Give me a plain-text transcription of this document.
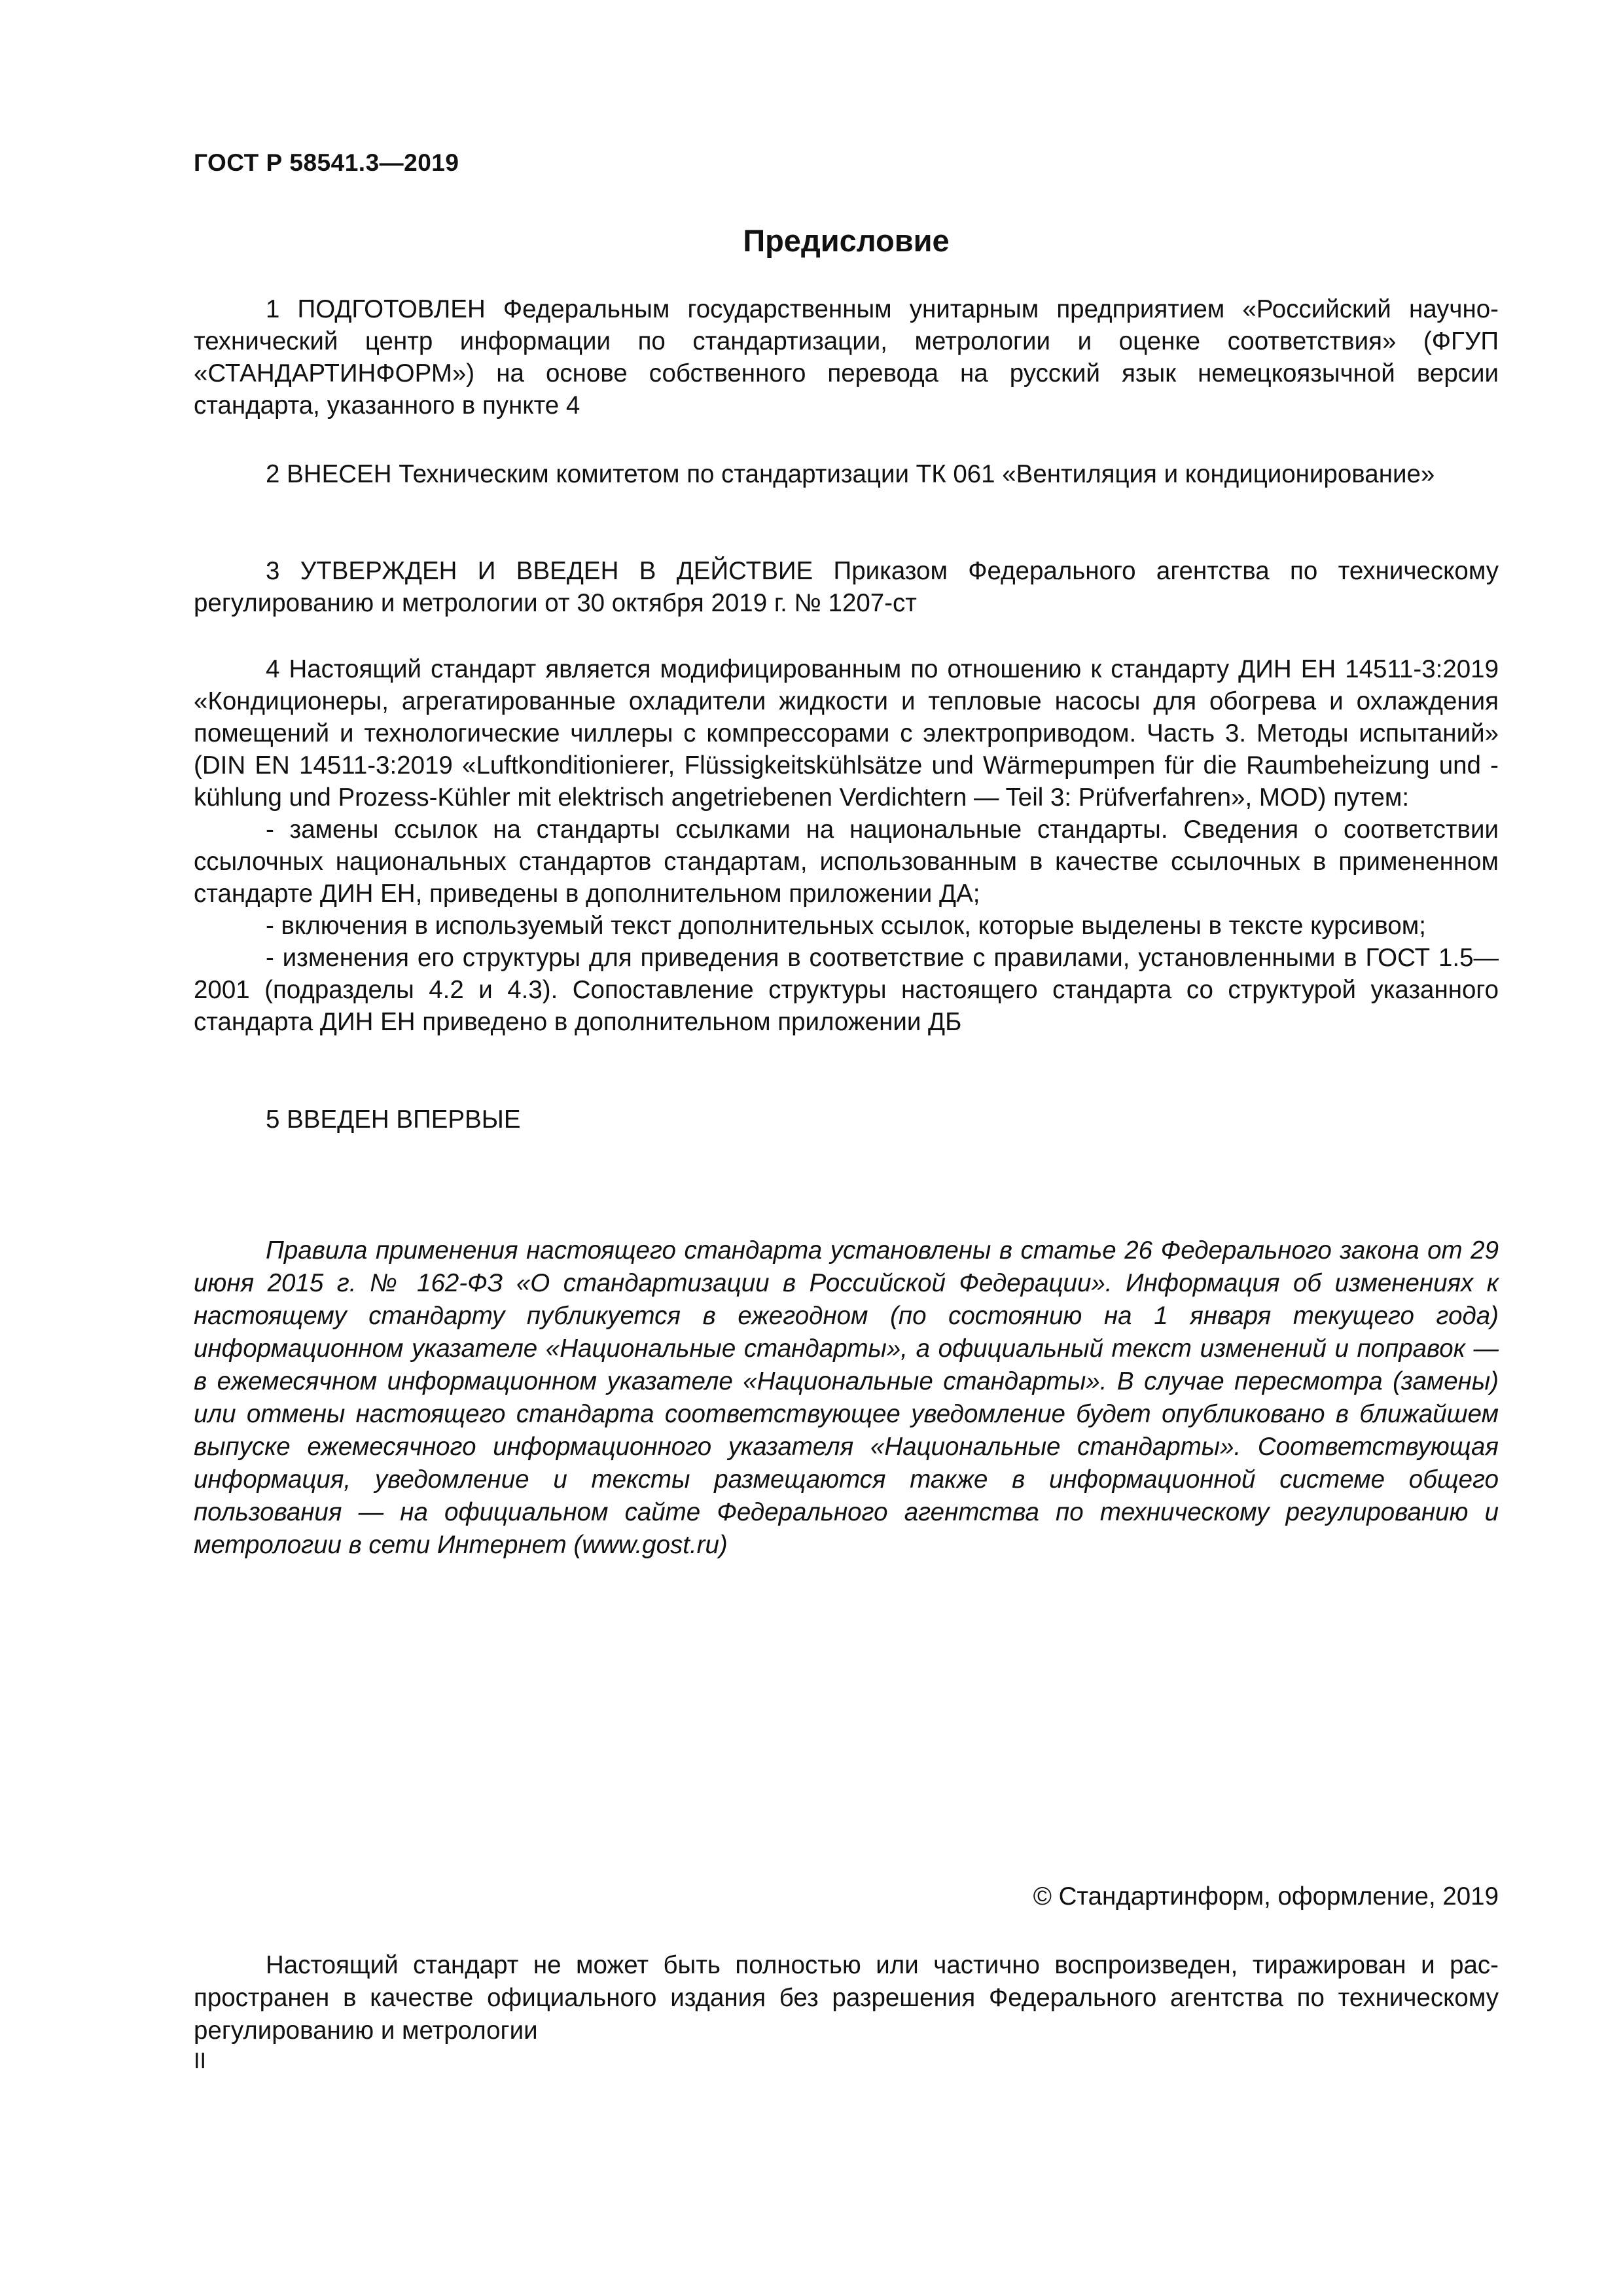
ГОСТ Р 58541.3—2019
Предисловие

1 ПОДГОТОВЛЕН Федеральным государственным унитарным предприятием «Российский научно-технический центр информации по стандартизации, метрологии и оценке соответствия» (ФГУП «СТАНДАРТИНФОРМ») на основе собственного перевода на русский язык немецкоязычной версии стандарта, указанного в пункте 4

2 ВНЕСЕН Техническим комитетом по стандартизации ТК 061 «Вентиляция и кондиционирование»

3 УТВЕРЖДЕН И ВВЕДЕН В ДЕЙСТВИЕ Приказом Федерального агентства по техническому регулированию и метрологии от 30 октября 2019 г. № 1207-ст

4 Настоящий стандарт является модифицированным по отношению к стандарту ДИН ЕН 14511-3:2019 «Кондиционеры, агрегатированные охладители жидкости и тепловые насосы для обогрева и охлаждения помещений и технологические чиллеры с компрессорами с электроприводом. Часть 3. Методы испытаний» (DIN EN 14511-3:2019 «Luftkonditionierer, Flüssigkeitskühlsätze und Wärmepumpen für die Raumbeheizung und -kühlung und Prozess-Kühler mit elektrisch angetriebenen Verdichtern — Teil 3: Prüfverfahren», MOD) путем:

- замены ссылок на стандарты ссылками на национальные стандарты. Сведения о соответствии ссылочных национальных стандартов стандартам, использованным в качестве ссылочных в примененном стандарте ДИН ЕН, приведены в дополнительном приложении ДА;

- включения в используемый текст дополнительных ссылок, которые выделены в тексте курсивом;

- изменения его структуры для приведения в соответствие с правилами, установленными в ГОСТ 1.5—2001 (подразделы 4.2 и 4.3). Сопоставление структуры настоящего стандарта со структурой указанного стандарта ДИН ЕН приведено в дополнительном приложении ДБ

5 ВВЕДЕН ВПЕРВЫЕ

Правила применения настоящего стандарта установлены в статье 26 Федерального закона от 29 июня 2015 г. № 162-ФЗ «О стандартизации в Российской Федерации». Информация об изменениях к настоящему стандарту публикуется в ежегодном (по состоянию на 1 января текущего года) информационном указателе «Национальные стандарты», а официальный текст изменений и поправок — в ежемесячном информационном указателе «Национальные стандарты». В случае пересмотра (замены) или отмены настоящего стандарта соответствующее уведомление будет опубликовано в ближайшем выпуске ежемесячного информационного указателя «Национальные стандарты». Соответствующая информация, уведомление и тексты размещаются также в информационной системе общего пользования — на официальном сайте Федерального агентства по техническому регулированию и метрологии в сети Интернет (www.gost.ru)

© Стандартинформ, оформление, 2019

Настоящий стандарт не может быть полностью или частично воспроизведен, тиражирован и распространен в качестве официального издания без разрешения Федерального агентства по техническому регулированию и метрологии

II
